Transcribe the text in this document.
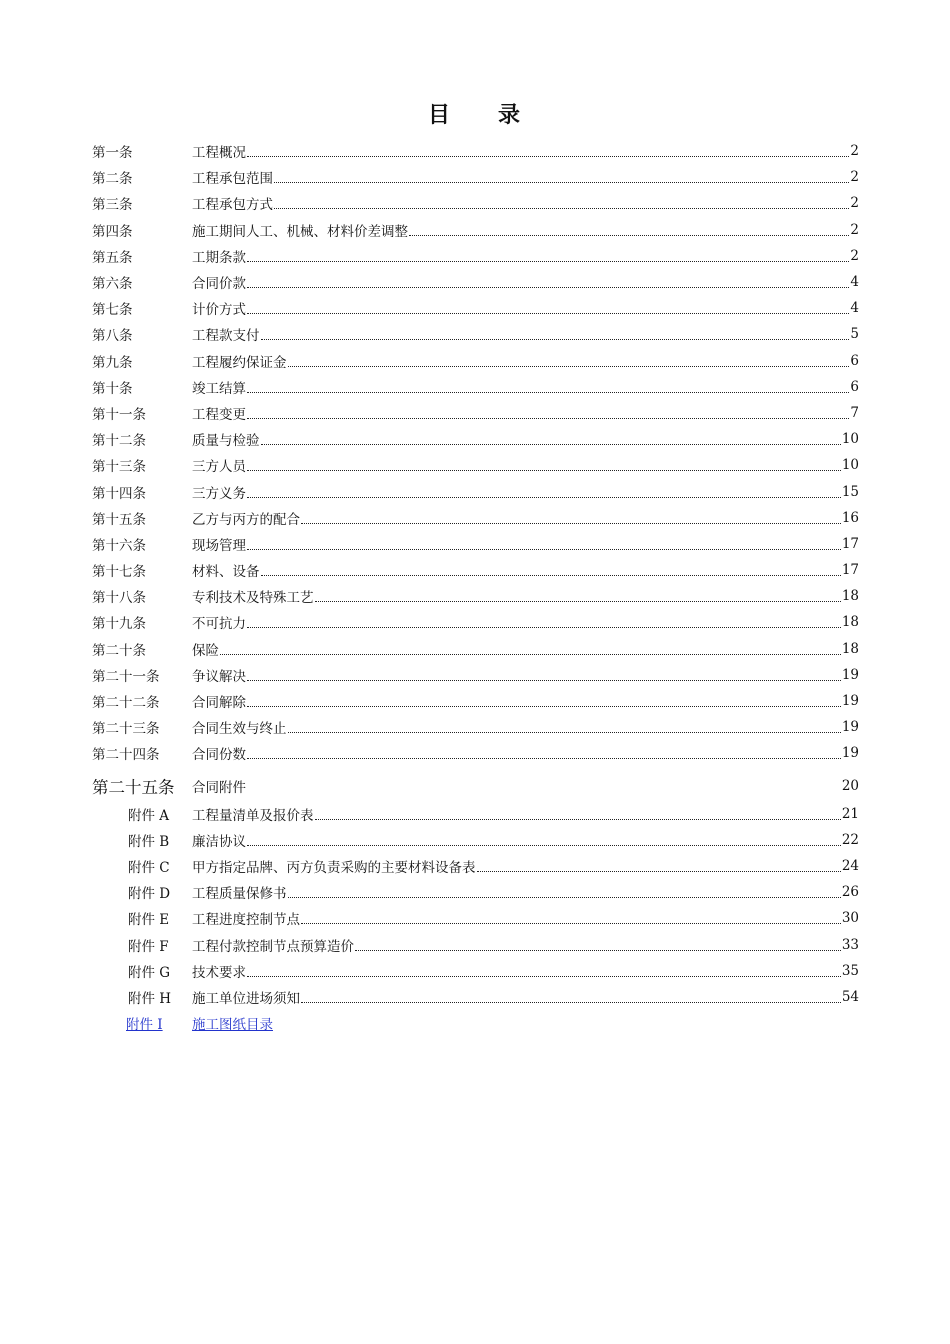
目 录
第一条	工程概况	2
第二条	工程承包范围	2
第三条	工程承包方式	2
第四条	施工期间人工、机械、材料价差调整	2
第五条	工期条款	2
第六条	合同价款	4
第七条	计价方式	4
第八条	工程款支付	5
第九条	工程履约保证金	6
第十条	竣工结算	6
第十一条	工程变更	7
第十二条	质量与检验	10
第十三条	三方人员	10
第十四条	三方义务	15
第十五条	乙方与丙方的配合	16
第十六条	现场管理	17
第十七条	材料、设备	17
第十八条	专利技术及特殊工艺	18
第十九条	不可抗力	18
第二十条	保险	18
第二十一条	争议解决	19
第二十二条	合同解除	19
第二十三条	合同生效与终止	19
第二十四条	合同份数	19
第二十五条	合同附件	20
附件 A	工程量清单及报价表	21
附件 B	廉洁协议	22
附件 C	甲方指定品牌、丙方负责采购的主要材料设备表	24
附件 D	工程质量保修书	26
附件 E	工程进度控制节点	30
附件 F	工程付款控制节点预算造价	33
附件 G	技术要求	35
附件 H	施工单位进场须知	54
附件 I	施工图纸目录
